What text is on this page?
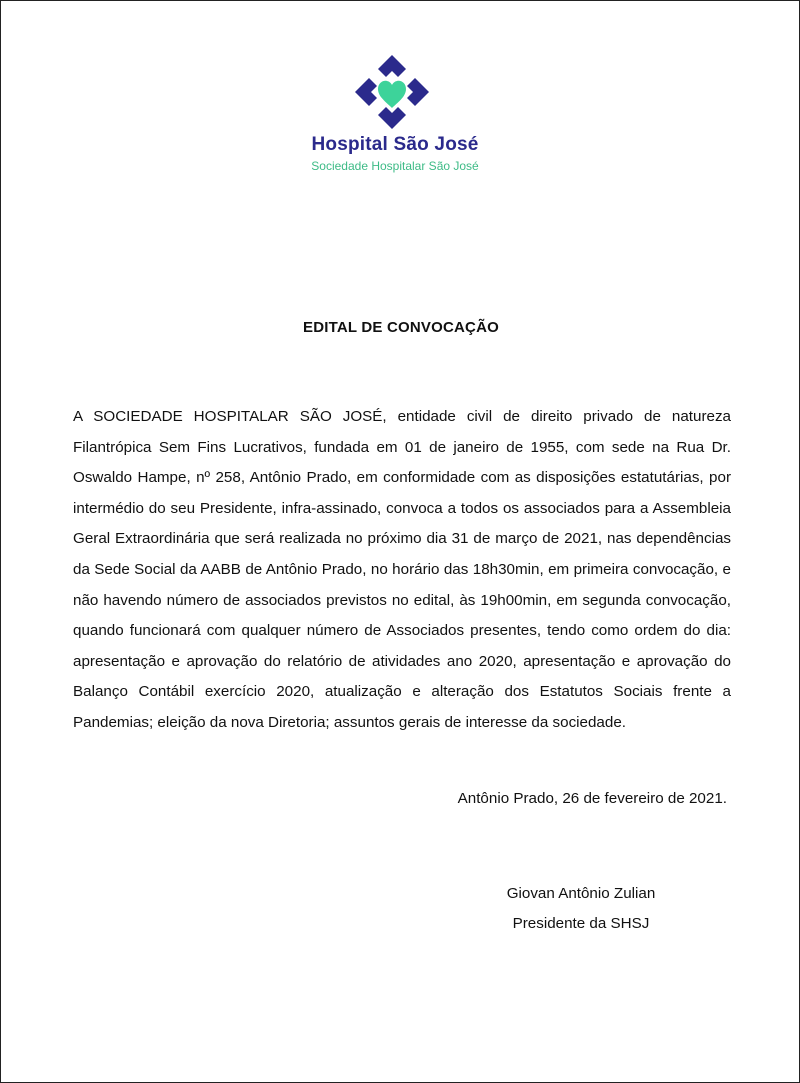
Hospital São José
Sociedade Hospitalar São José
EDITAL DE CONVOCAÇÃO
A SOCIEDADE HOSPITALAR SÃO JOSÉ, entidade civil de direito privado de natureza Filantrópica Sem Fins Lucrativos, fundada em 01 de janeiro de 1955, com sede na Rua Dr. Oswaldo Hampe, nº 258, Antônio Prado, em conformidade com as disposições estatutárias, por intermédio do seu Presidente, infra-assinado, convoca a todos os associados para a Assembleia Geral Extraordinária que será realizada no próximo dia 31 de março de 2021, nas dependências da Sede Social da AABB de Antônio Prado, no horário das 18h30min, em primeira convocação, e não havendo número de associados previstos no edital, às 19h00min, em segunda convocação, quando funcionará com qualquer número de Associados presentes, tendo como ordem do dia: apresentação e aprovação do relatório de atividades ano 2020, apresentação e aprovação do Balanço Contábil exercício 2020, atualização e alteração dos Estatutos Sociais frente a Pandemias; eleição da nova Diretoria; assuntos gerais de interesse da sociedade.
Antônio Prado, 26 de fevereiro de 2021.
Giovan Antônio Zulian
Presidente da SHSJ
